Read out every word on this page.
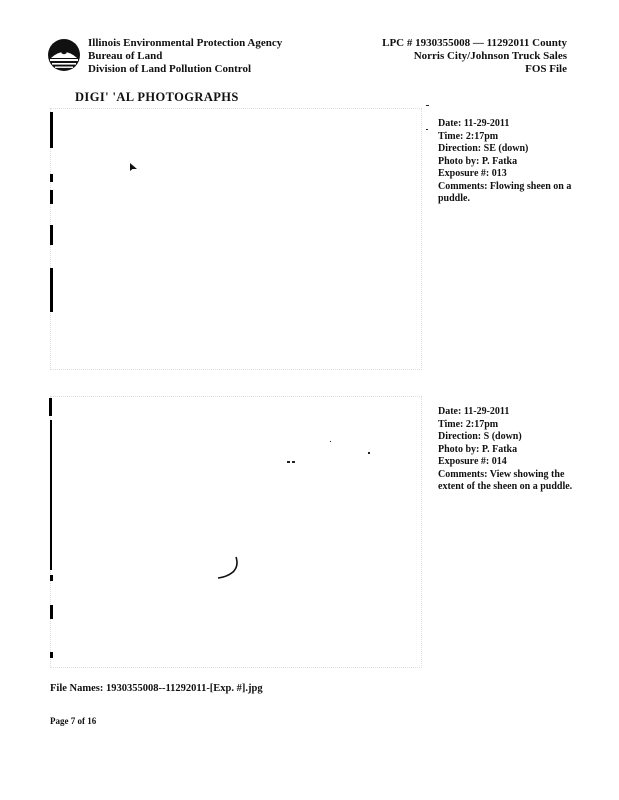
Illinois Environmental Protection Agency
Bureau of Land
Division of Land Pollution Control
LPC # 1930355008 — 11292011 County
Norris City/Johnson Truck Sales
FOS File
DIGI' 'AL PHOTOGRAPHS
Date: 11-29-2011
Time: 2:17pm
Direction: SE (down)
Photo by: P. Fatka
Exposure #: 013
Comments: Flowing sheen on a puddle.
Date: 11-29-2011
Time: 2:17pm
Direction: S (down)
Photo by: P. Fatka
Exposure #: 014
Comments: View showing the extent of the sheen on a puddle.
File Names: 1930355008--11292011-[Exp. #].jpg
Page 7 of 16
